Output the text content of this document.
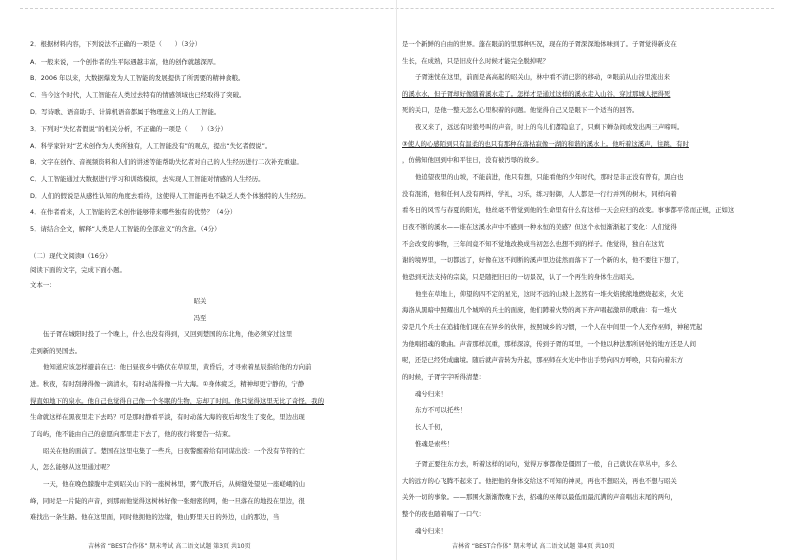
2．根据材料内容，下列说法不正确的一项是（　　）（3分）
A．一般来说，一个创作者的生平际遇越丰富，他的创作就越深厚。
B．2006 年以来，大数据爆发为人工智能的发展提供了所需要的精神食粮。
C．当今这个时代，人工智能在人类过去特有的情感领域也已经取得了突破。
D．写诗歌、语音助手、计算机语音都属于物理意义上的人工智能。
3．下列对“失忆者假说”的相关分析，不正确的一项是（　　）（3分）
A．科学家针对“艺术创作为人类所独有，人工智能没有”的观点，提出“失忆者假说”。
B．文字在创作、音视频资料和人们的讲述等能帮助失忆者对自己的人生经历进行二次补充重建。
C．人工智能通过大数据进行学习和训练模拟，去实现人工智能对情感的人生经历。
D．人们的假说是从感性认知的角度去看待，这使得人工智能再也不缺乏人类个体独特的人生经历。
4．在作者看来，人工智能的艺术创作能够带来哪些独有的优势？（4分）
5．请结合全文，解释“人类是人工智能的全部意义”的含意。（4分）
（二）现代文阅读Ⅱ（16分）
阅读下面的文字，完成下面小题。
文本一：
昭关
冯至
伍子胥在城阳时投了一个晚上，什么也没有得到，又回到楚国的东北角，他必须穿过这里
走到新的吴国去。
他知道应该怎样避前在已：他曰昼夜乡中路伏在草原里，黄昏后，才寻索着星辰指给他的方向前
进。秋夜，有时刮薄得像一滴清水，有时动荡得像一片大海。①身体疲乏，精神却更宁静的，宁静
得直如地下的泉水。他自己也觉得自己像一个冬眠的生物，忘却了时间。他只觉得这里无比了奇怪，我的
生命就这样在黑夜里走下去吗？可是那时静看平淡，有时动荡大海的夜后却发生了变化，里边出现
了岛屿，他不能由自己的意愿向那里走下去了，他的夜行将要告一结束。
昭关在他的面前了。楚国在这里屯集了一些兵，日夜警醒着给有同谋出没：一个没有节符的亡
人，怎么能够从这里通过呢？
一天，他在晚色朦胧中走到昭关山下的一座树林里，雾气散开后，从树缝处望见一座嵯峨的山
峰，同时是一片陡的声音，到那雨他觉得这树林好像一张细密的网，他一旦落在的地投在里边，很
难找出一条生路。他在这里面，同时他拥他的边缘，他山野里天日的外边，山的那边，当
吉林省 “BEST合作体” 期末考试 高二语文试题 第3页 共10页
是一个新鲜的自由的世界。蓬在眼前的里那种匹况，现在的子胥深深地体味到了。子胥觉得新皮在
生长，在成熟，只是旧皮什么时候才能完全脱掉呢？
子胥迷恍在这里，前面是高高起的昭关山，林中看不清已影的移动，②眼前从山谷里流出来
的溪水水，但子胥却好像随着溪水走了。怎样才是通过这样的溪水走入山谷，穿过那城人把得死
死的关口，是他一整天怎么心里积着的问题。他觉得自己又是眼下一个适当的回答。
夜又来了，远远有时狼号叫的声音，时上的乌儿们都隐息了，只剩下蝉杂间或发出两三声啼叫。
③使人的心感陌到只有温柔的也只有那种在落枯寂像一湖的和谐的溪水上。他听着这溪声，往跳，有时
，仿佛知他回到中和平往日，没有被汚辱的故乡。
他追望夜里的山坡，不能前进，他只有想，只能看他的少年时代，那时是非正没有曾有，黑白也
没有混淆，他和任何人没有两样，学礼，习乐，练习射御，人人都是一行行并列的树木，同样向着
看冬日的风雪与春夏的阳光，他丝毫不曾觉到他的生命里有什么有这样一天会应归的改变。事事都平常而正规，正如这
日夜不断的溪水——谁在这溪水声中不感到一种永恒的美感？但这个永恒渐渐起了变化：人们觉得
不会改变的事物，三年间竟不知不觉地改换成当初怎么也想不到的样子。他觉得，独自在这荒
谢的境界里，一切都远了，好像在这不间断的溪声里边徒然而落下了一个新的水，他不要往下想了，
他恐到无法支持的宗莫，只是随把旧日的一切景况，认了一个再生的身体生出昭关。
他坐在草地上，仰望的四不定的星光，这时不远的山坡上忽然有一堆火焰熊熊地燃烧起来，火光
海洛从黑暗中照耀出几个城埠的兵士的面庞，他们蹲着火势的离下齐声唱起激昂的歌曲：有一堆火
旁是几个兵士在追捕他们现在在异乡的伙伴，按照城乡的习惯，一个人在中间里一个人充作巫师，神秘咒起
为他唱招魂的歌曲。声音那样沉重，那样深凉，传到子胥的耳里，一个他以种法那所居处的地方还是人间
呢，还是已经凭成幽境。随后就声音转为升起，那巫师在火光中作出手势向四方呼唤，只有向着东方
的时候，子胥字字听得清楚：
魂兮归来！
东方不可以托些！
长人千仞，
惟魂是索些！
子胥正要往东方去，听着这样的词句，觉得万事都像是僵固了一般，自己就伏在草丛中，多么
大的远方的心飞腾不起来了。他把他的身体交给这不可知的神灵，再也不想昭关，再也不想与昭关
关外一切的事象。——那围火渐渐散晚下去，招魂的巫师以最低而最沉满的声音唱出末尾的两句，
整个的夜也随着喘了一口气：
魂兮归来！
吉林省 “BEST合作体” 期末考试 高二语文试题 第4页 共10页
